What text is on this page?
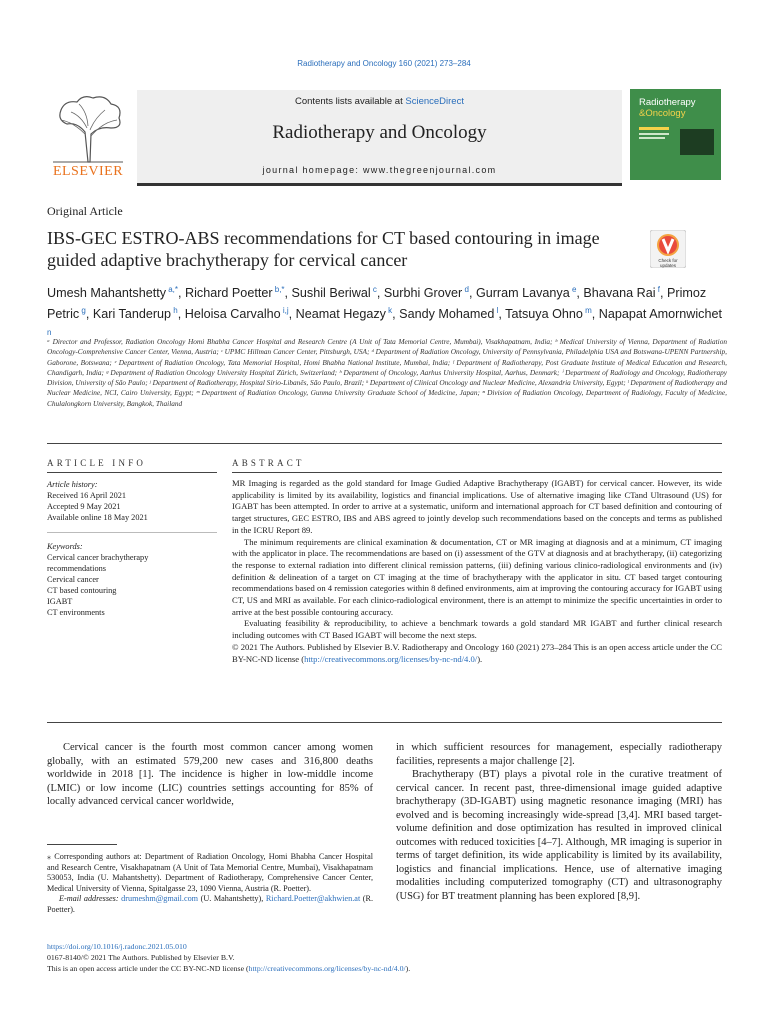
Radiotherapy and Oncology 160 (2021) 273–284
Contents lists available at ScienceDirect
Radiotherapy and Oncology
journal homepage: www.thegreenjournal.com
ELSEVIER
Radiotherapy
&Oncology
Original Article
IBS-GEC ESTRO-ABS recommendations for CT based contouring in image guided adaptive brachytherapy for cervical cancer	Check for updates
Umesh Mahantshetty $^{a,*}$, Richard Poetter $^{b,*}$, Sushil Beriwal $^c$, Surbhi Grover $^d$, Gurram Lavanya $^e$, Bhavana Rai $^f$, Primoz Petric $^g$, Kari Tanderup $^h$, Heloisa Carvalho $^{i,j}$, Neamat Hegazy $^k$, Sandy Mohamed $^l$, Tatsuya Ohno $^m$, Napapat Amornwichet $^n$
ᵃ Director and Professor, Radiation Oncology Homi Bhabha Cancer Hospital and Research Centre (A Unit of Tata Memorial Centre, Mumbai), Visakhapatnam, India; ᵇ Medical University of Vienna, Department of Radiation Oncology-Comprehensive Cancer Center, Vienna, Austria; ᶜ UPMC Hillman Cancer Center, Pittsburgh, USA; ᵈ Department of Radiation Oncology, University of Pennsylvania, Philadelphia USA and Botswana-UPENN Partnership, Gaborone, Botswana; ᵉ Department of Radiation Oncology, Tata Memorial Hospital, Homi Bhabha National Institute, Mumbai, India; ᶠ Department of Radiotherapy, Post Graduate Institute of Medical Education and Research, Chandigarh, India; ᵍ Department of Radiation Oncology University Hospital Zürich, Switzerland; ʰ Department of Oncology, Aarhus University Hospital, Aarhus, Denmark; ⁱ Department of Radiology and Oncology, Radiotherapy Division, University of São Paulo; ʲ Department of Radiotherapy, Hospital Sírio-Libanês, São Paulo, Brazil; ᵏ Department of Clinical Oncology and Nuclear Medicine, Alexandria University, Egypt; ˡ Department of Radiotherapy and Nuclear Medicine, NCI, Cairo University, Egypt; ᵐ Department of Radiation Oncology, Gunma University Graduate School of Medicine, Japan; ⁿ Division of Radiation Oncology, Department of Radiology, Faculty of Medicine, Chulalongkorn University, Bangkok, Thailand
ARTICLE INFO
Article history:
Received 16 April 2021
Accepted 9 May 2021
Available online 18 May 2021
Keywords:
Cervical cancer brachytherapy
recommendations
Cervical cancer
CT based contouring
IGABT
CT environments
ABSTRACT

MR Imaging is regarded as the gold standard for Image Gudied Adaptive Brachytherapy (IGABT) for cervical cancer. However, its wide applicability is limited by its availability, logistics and financial implications. Use of alternative imaging like CTand Ultrasound (US) for IGABT has been attempted. In order to arrive at a systematic, uniform and international approach for CT based definition and contouring of target structures, GEC ESTRO, IBS and ABS agreed to jointly develop such recommendations based on the concepts and terms as published in the ICRU Report 89.

The minimum requirements are clinical examination & documentation, CT or MR imaging at diagnosis and at a minimum, CT imaging with the applicator in place. The recommendations are based on (i) assessment of the GTV at diagnosis and at brachytherapy, (ii) categorizing the response to external radiation into different clinical remission patterns, (iii) defining various clinico-radiological environments and (iv) definition & delineation of a target on CT imaging at the time of brachytherapy with the applicator in situ. CT based target contouring recommendations based on 4 remission categories within 8 defined environments, aim at improving the contouring accuracy for IGABT using CT, US and MRI as available. For each clinico-radiological environment, there is an attempt to minimize the specific uncertainties in order to arrive at the best possible contouring accuracy.

Evaluating feasibility & reproducibility, to achieve a benchmark towards a gold standard MR IGABT and further clinical research including outcomes with CT Based IGABT will become the next steps.

© 2021 The Authors. Published by Elsevier B.V. Radiotherapy and Oncology 160 (2021) 273–284 This is an open access article under the CC BY-NC-ND license (http://creativecommons.org/licenses/by-nc-nd/4.0/).

Cervical cancer is the fourth most common cancer among women globally, with an estimated 579,200 new cases and 316,800 deaths worldwide in 2018 [1]. The incidence is higher in low-middle income (LMIC) or low income (LIC) countries settings accounting for 85% of locally advanced cervical cancer worldwide,

in which sufficient resources for management, especially radiotherapy facilities, represents a major challenge [2].

Brachytherapy (BT) plays a pivotal role in the curative treatment of cervical cancer. In recent past, three-dimensional image guided adaptive brachytherapy (3D-IGABT) using magnetic resonance imaging (MRI) has evolved and is becoming increasingly wide-spread [3,4]. MRI based target-volume definition and dose optimization has resulted in improved clinical outcomes with reduced toxicities [4–7]. Although, MR imaging is superior in terms of target definition, its wide applicability is limited by its availability, logistics and financial implications. Hence, use of alternative imaging modalities including computerized tomography (CT) and ultrasonography (USG) for BT treatment planning has been explored [8,9].

⁎ Corresponding authors at: Department of Radiation Oncology, Homi Bhabha Cancer Hospital and Research Centre, Visakhapatnam (A Unit of Tata Memorial Centre, Mumbai), Visakhapatnam 530053, India (U. Mahantshetty). Department of Radiotherapy, Comprehensive Cancer Center, Medical University of Vienna, Spitalgasse 23, 1090 Vienna, Austria (R. Poetter).
E-mail addresses: drumeshm@gmail.com (U. Mahantshetty), Richard.Poetter@akhwien.at (R. Poetter).
https://doi.org/10.1016/j.radonc.2021.05.010
0167-8140/© 2021 The Authors. Published by Elsevier B.V.
This is an open access article under the CC BY-NC-ND license (http://creativecommons.org/licenses/by-nc-nd/4.0/).
